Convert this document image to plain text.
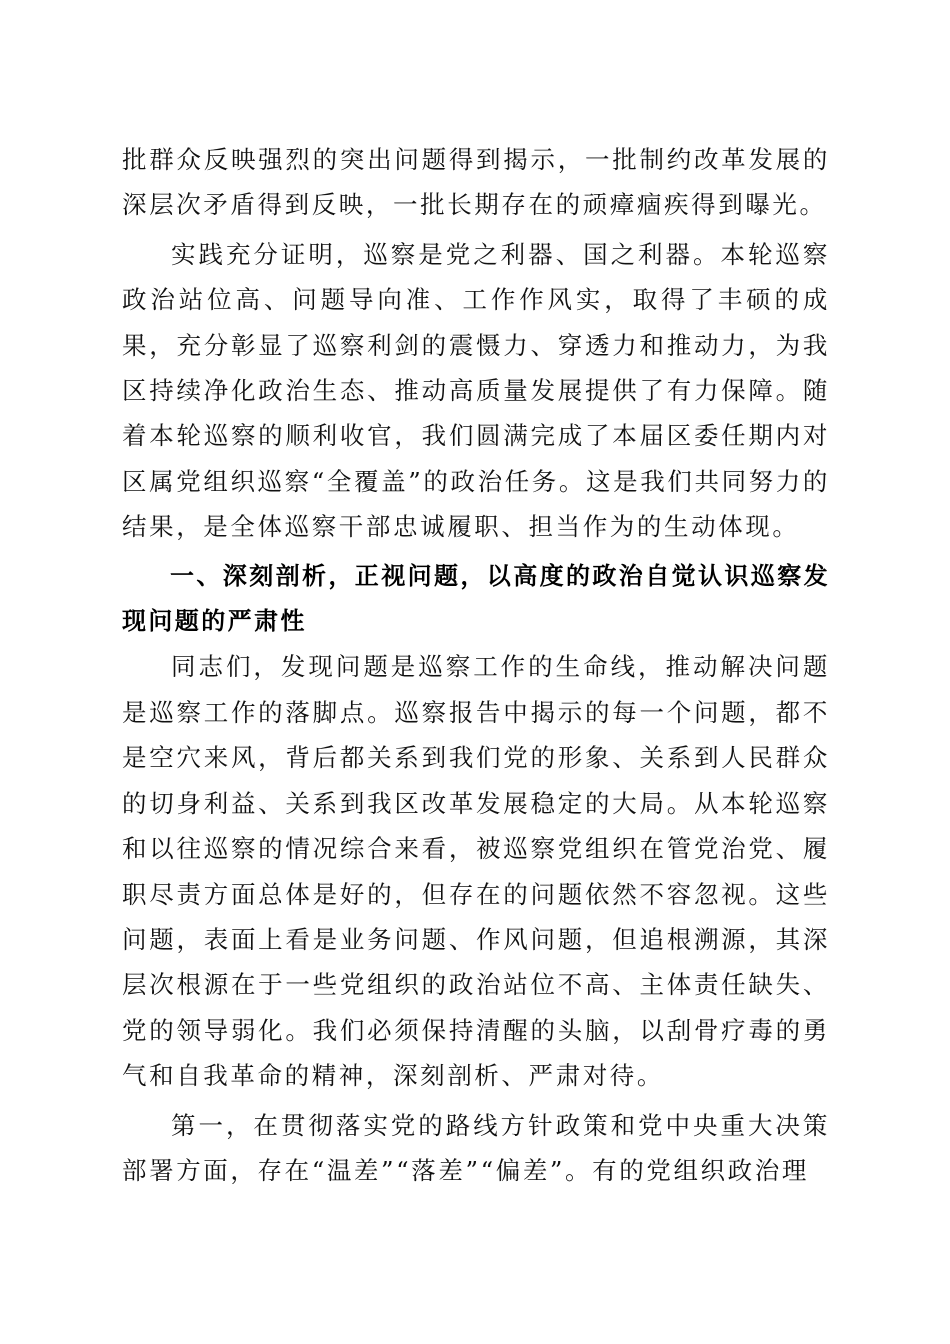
批群众反映强烈的突出问题得到揭示，一批制约改革发展的深层次矛盾得到反映，一批长期存在的顽瘴痼疾得到曝光。

实践充分证明，巡察是党之利器、国之利器。本轮巡察政治站位高、问题导向准、工作作风实，取得了丰硕的成果，充分彰显了巡察利剑的震慑力、穿透力和推动力，为我区持续净化政治生态、推动高质量发展提供了有力保障。随着本轮巡察的顺利收官，我们圆满完成了本届区委任期内对区属党组织巡察“全覆盖”的政治任务。这是我们共同努力的结果，是全体巡察干部忠诚履职、担当作为的生动体现。

一、深刻剖析，正视问题，以高度的政治自觉认识巡察发现问题的严肃性

同志们，发现问题是巡察工作的生命线，推动解决问题是巡察工作的落脚点。巡察报告中揭示的每一个问题，都不是空穴来风，背后都关系到我们党的形象、关系到人民群众的切身利益、关系到我区改革发展稳定的大局。从本轮巡察和以往巡察的情况综合来看，被巡察党组织在管党治党、履职尽责方面总体是好的，但存在的问题依然不容忽视。这些问题，表面上看是业务问题、作风问题，但追根溯源，其深层次根源在于一些党组织的政治站位不高、主体责任缺失、党的领导弱化。我们必须保持清醒的头脑，以刮骨疗毒的勇气和自我革命的精神，深刻剖析、严肃对待。

第一，在贯彻落实党的路线方针政策和党中央重大决策部署方面，存在“温差”“落差”“偏差”。有的党组织政治理
